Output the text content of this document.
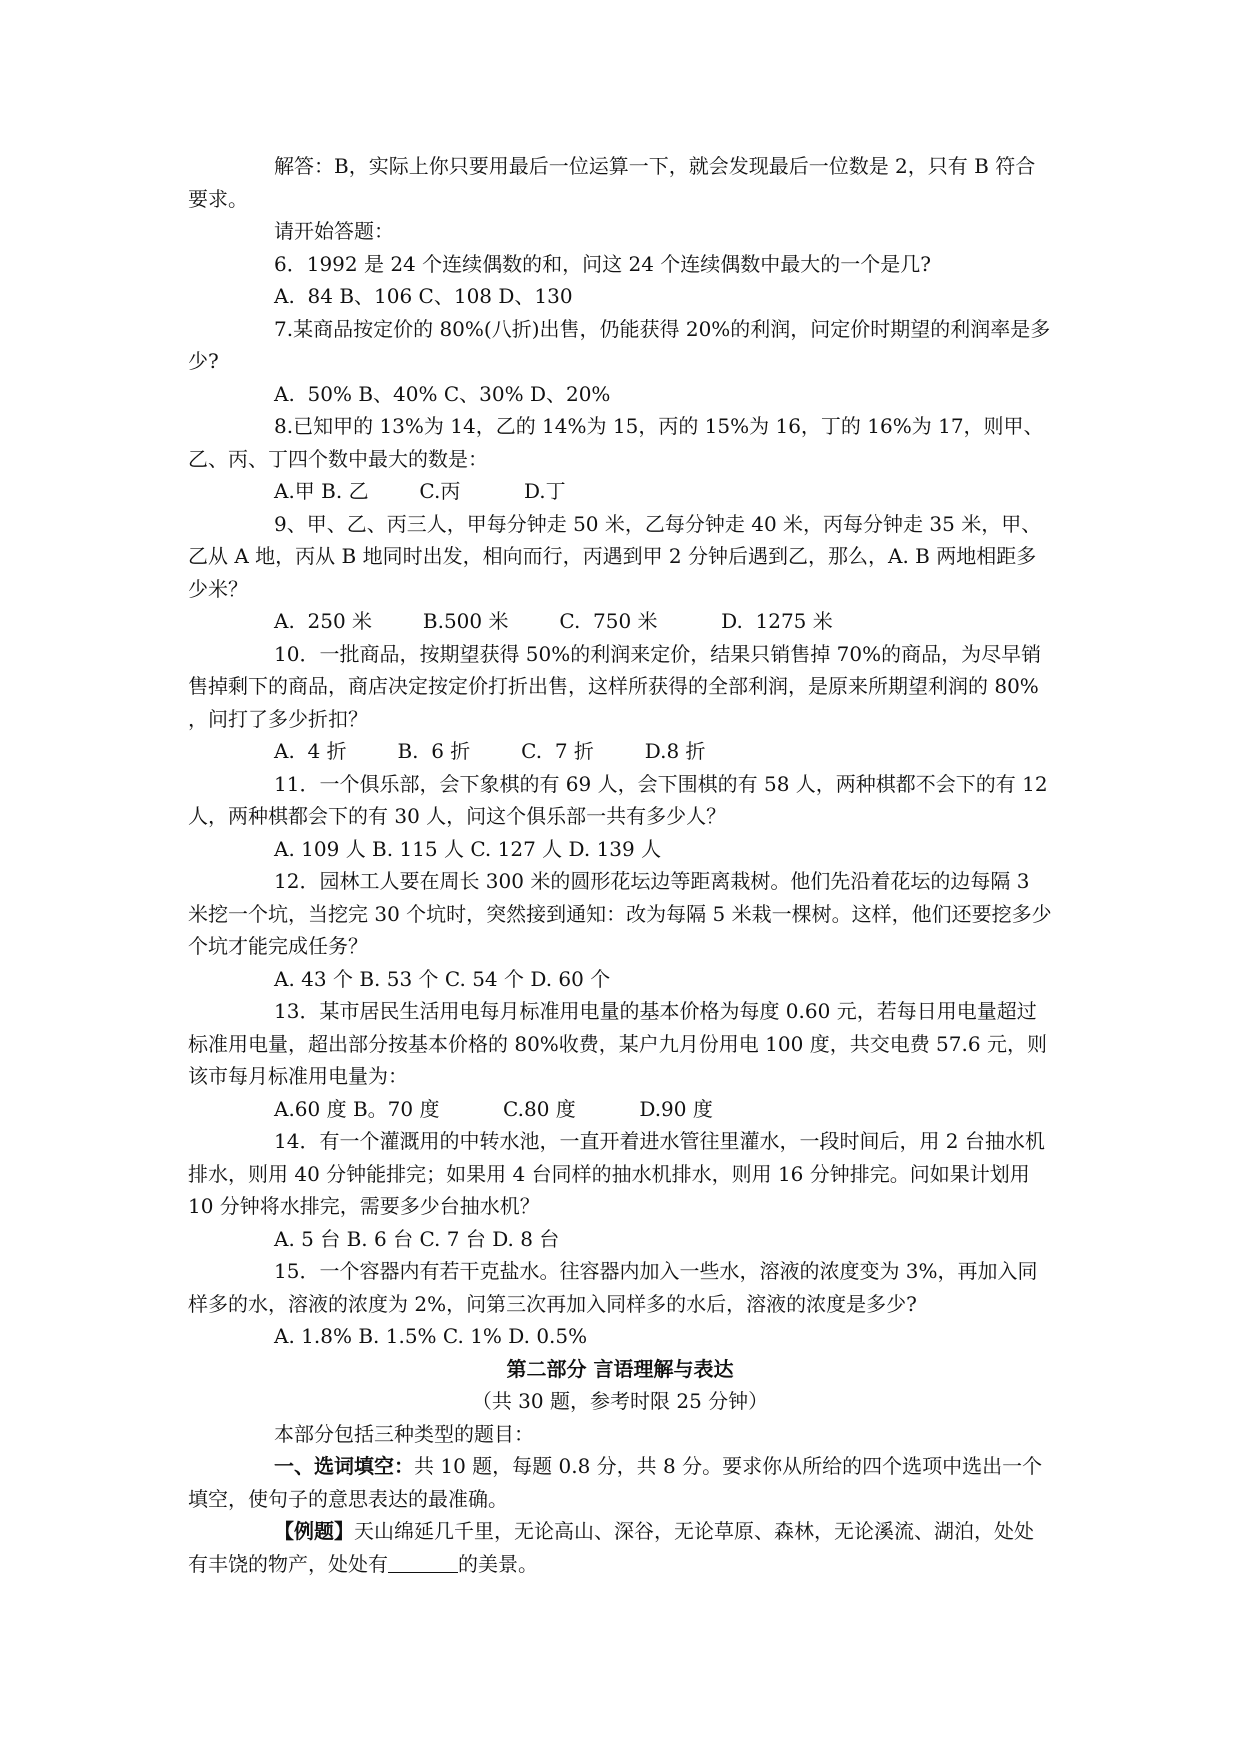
解答：B，实际上你只要用最后一位运算一下，就会发现最后一位数是 2，只有 B 符合要求。

请开始答题：

6．1992 是 24 个连续偶数的和，问这 24 个连续偶数中最大的一个是几?

A.  84 B、106 C、108 D、130

7.某商品按定价的 80%(八折)出售，仍能获得 20%的利润，问定价时期望的利润率是多少?

A.  50% B、40% C、30% D、20%

8.已知甲的 13%为 14，乙的 14%为 15，丙的 15%为 16，丁的 16%为 17，则甲、乙、丙、丁四个数中最大的数是：

A.甲 B. 乙        C.丙          D.丁

9、甲、乙、丙三人，甲每分钟走 50 米，乙每分钟走 40 米，丙每分钟走 35 米，甲、乙从 A 地，丙从 B 地同时出发，相向而行，丙遇到甲 2 分钟后遇到乙，那么，A. B 两地相距多少米？

A.  250 米        B.500 米        C.  750 米          D.  1275 米

10．一批商品，按期望获得 50%的利润来定价，结果只销售掉 70%的商品，为尽早销售掉剩下的商品，商店决定按定价打折出售，这样所获得的全部利润，是原来所期望利润的 80% ，问打了多少折扣？

A.  4 折        B.  6 折        C.  7 折        D.8 折

11．一个俱乐部，会下象棋的有 69 人，会下围棋的有 58 人，两种棋都不会下的有 12 人，两种棋都会下的有 30 人，问这个俱乐部一共有多少人？

A. 109 人 B. 115 人 C. 127 人 D. 139 人

12．园林工人要在周长 300 米的圆形花坛边等距离栽树。他们先沿着花坛的边每隔 3 米挖一个坑，当挖完 30 个坑时，突然接到通知：改为每隔 5 米栽一棵树。这样，他们还要挖多少个坑才能完成任务？

A. 43 个 B. 53 个 C. 54 个 D. 60 个

13．某市居民生活用电每月标准用电量的基本价格为每度 0.60 元，若每日用电量超过标准用电量，超出部分按基本价格的 80%收费，某户九月份用电 100 度，共交电费 57.6 元，则该市每月标准用电量为：

A.60 度 B。70 度          C.80 度          D.90 度

14．有一个灌溉用的中转水池，一直开着进水管往里灌水，一段时间后，用 2 台抽水机排水，则用 40 分钟能排完；如果用 4 台同样的抽水机排水，则用 16 分钟排完。问如果计划用 10 分钟将水排完，需要多少台抽水机？

A. 5 台 B. 6 台 C. 7 台 D. 8 台

15．一个容器内有若干克盐水。往容器内加入一些水，溶液的浓度变为 3%，再加入同样多的水，溶液的浓度为 2%，问第三次再加入同样多的水后，溶液的浓度是多少?

A. 1.8% B. 1.5% C. 1% D. 0.5%

第二部分 言语理解与表达

（共 30 题，参考时限 25 分钟）

本部分包括三种类型的题目：

一、选词填空：共 10 题，每题 0.8 分，共 8 分。要求你从所给的四个选项中选出一个填空，使句子的意思表达的最准确。

【例题】天山绵延几千里，无论高山、深谷，无论草原、森林，无论溪流、湖泊，处处有丰饶的物产，处处有	的美景。
